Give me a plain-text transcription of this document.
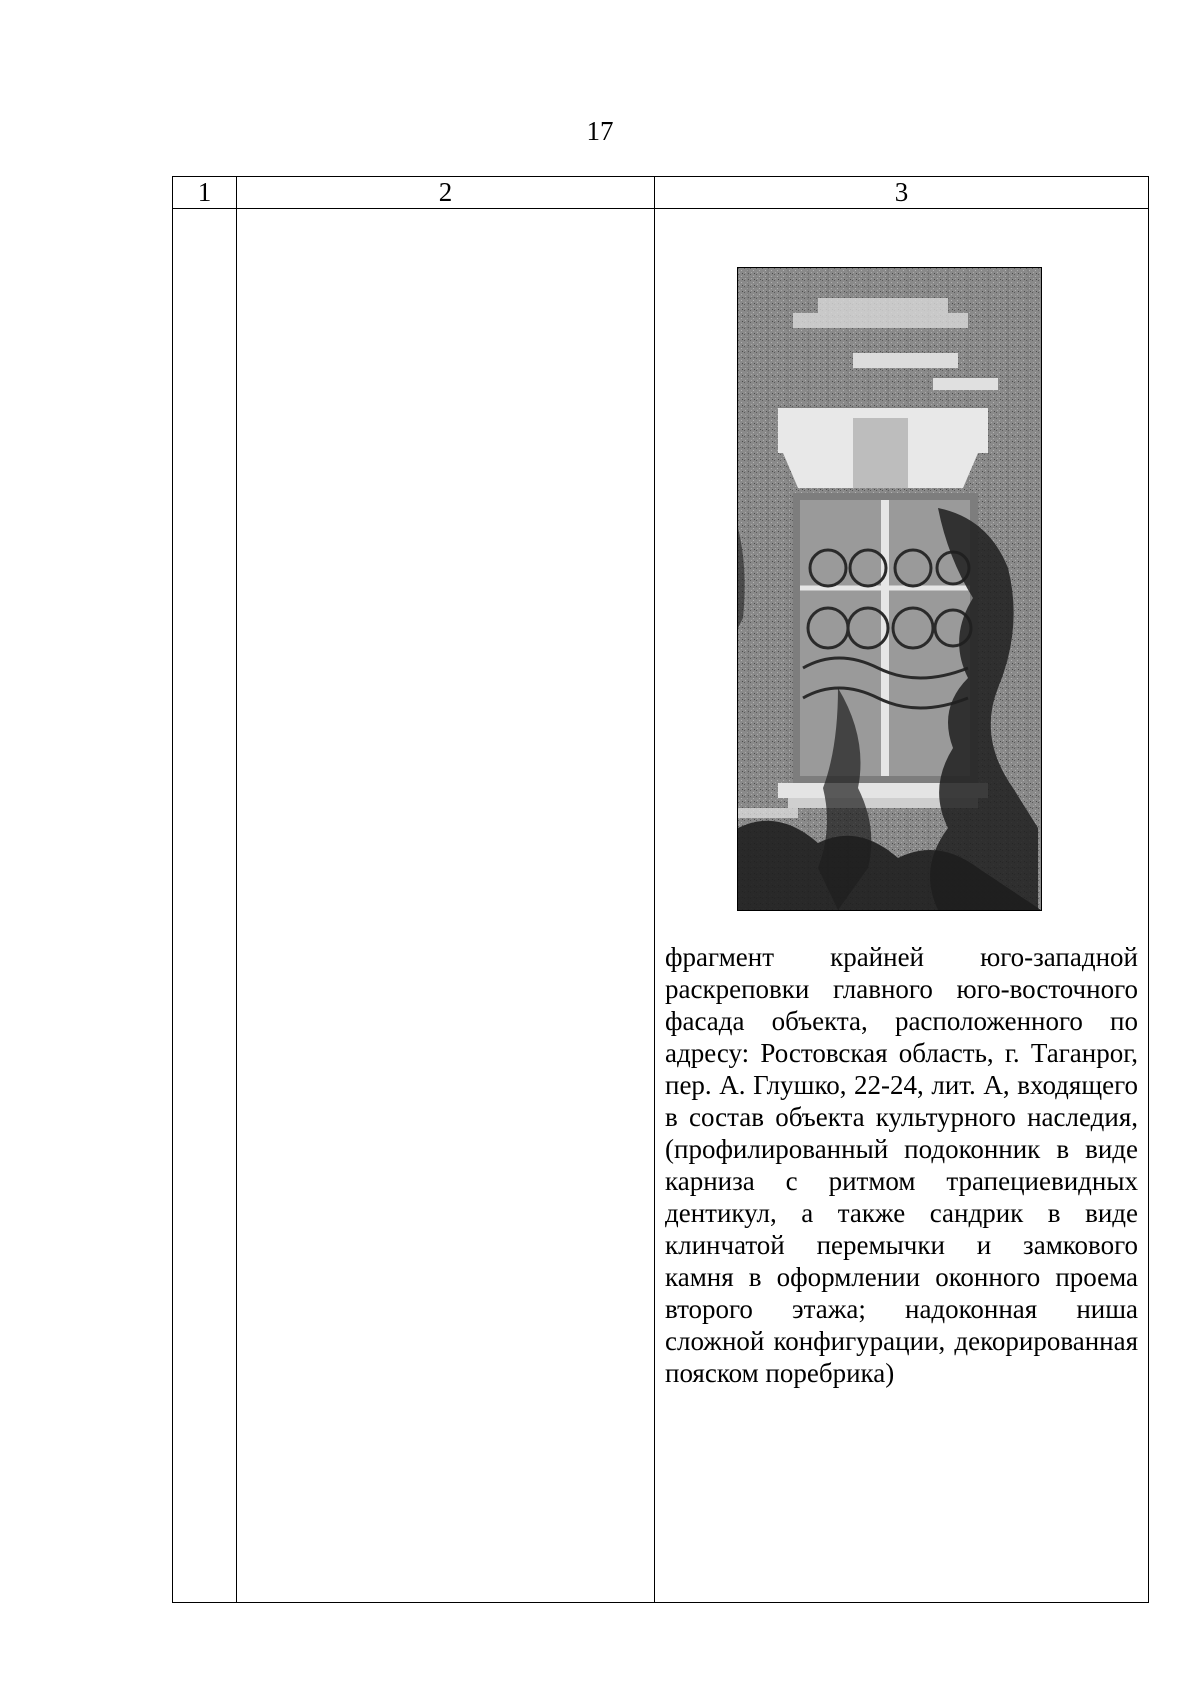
17
1	2	3

		фрагмент крайней юго-западной раскреповки главного юго-восточного фасада объекта, расположенного по адресу: Ростовская область, г. Таганрог, пер. А. Глушко, 22-24, лит. А, входящего в состав объекта культурного наследия, (профилированный подоконник в виде карниза с ритмом трапециевидных дентикул, а также сандрик в виде клинчатой перемычки и замкового камня в оформлении оконного проема второго этажа; надоконная ниша сложной конфигурации, декорированная пояском поребрика)
